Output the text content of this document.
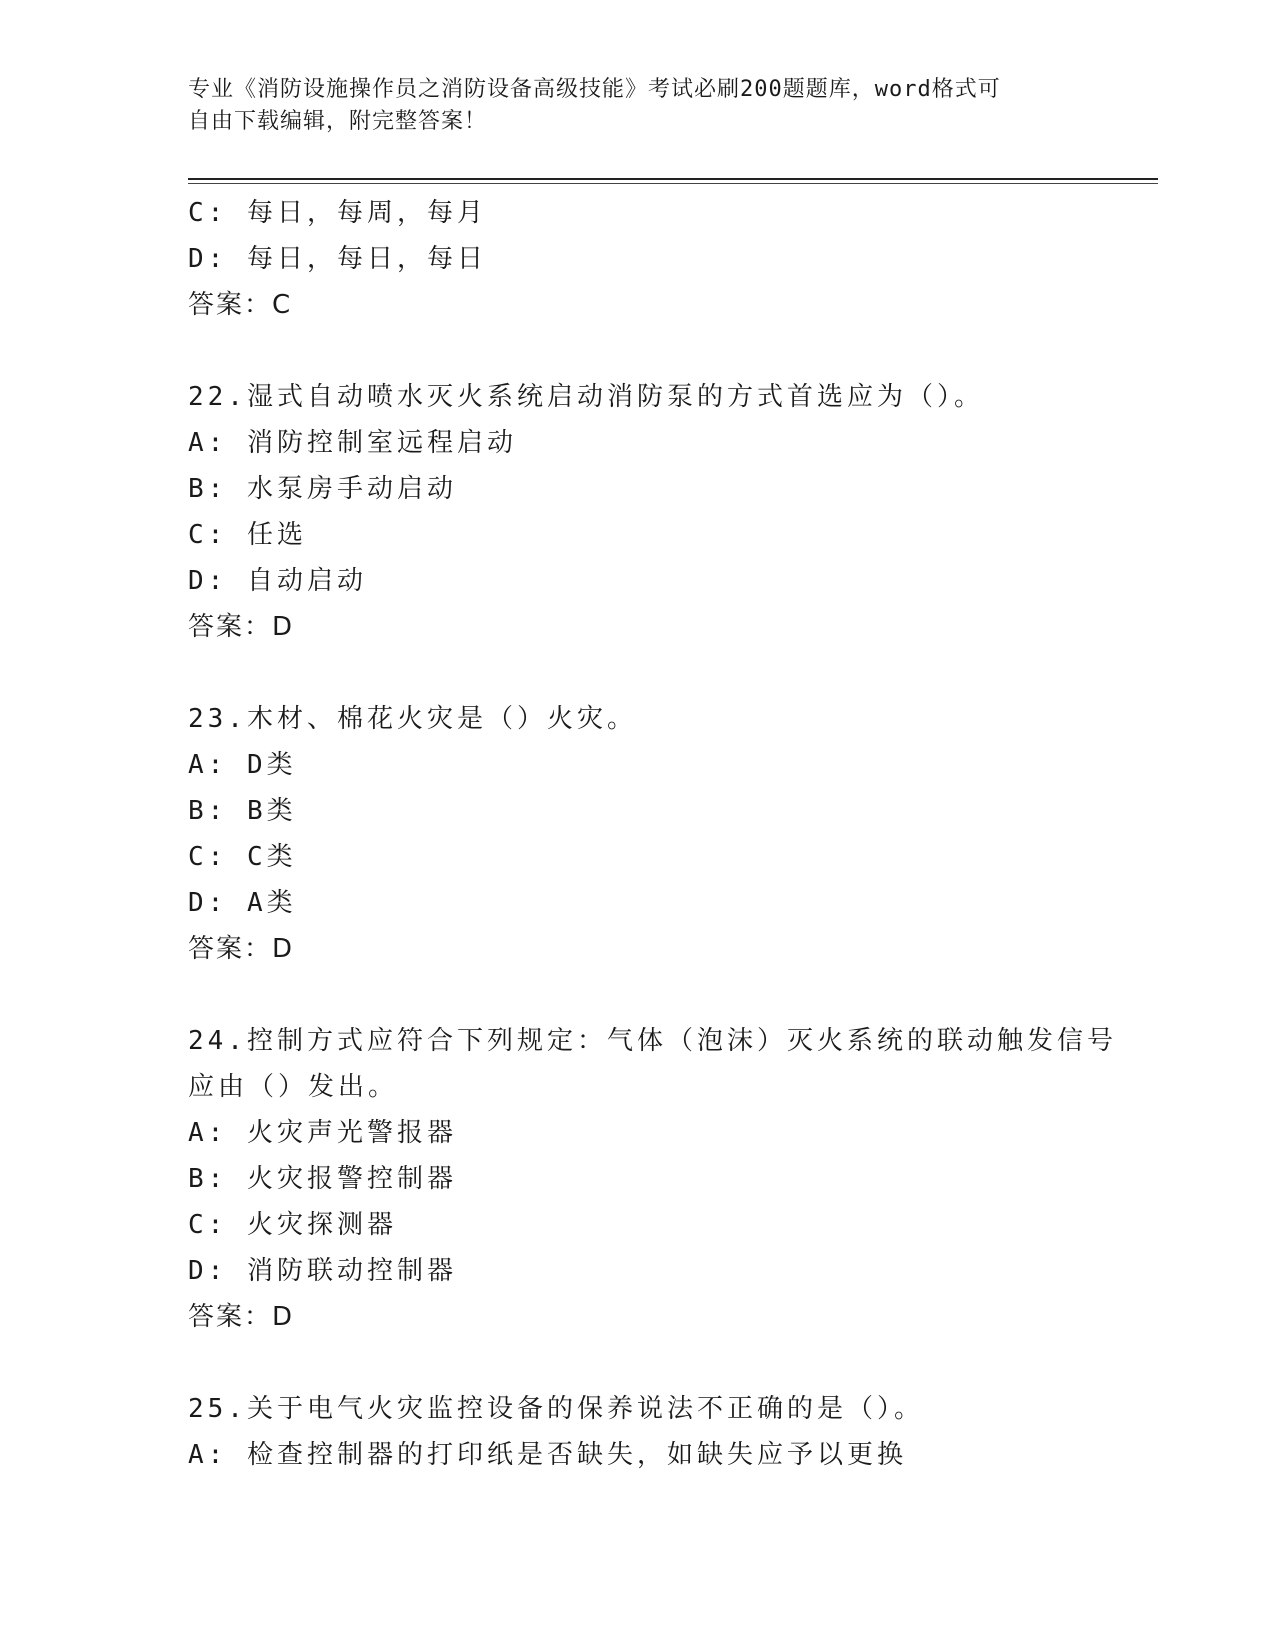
专业《消防设施操作员之消防设备高级技能》考试必刷200题题库，word格式可
自由下载编辑，附完整答案！
C: 每日，每周，每月
D: 每日，每日，每日
答案：C
22.湿式自动喷水灭火系统启动消防泵的方式首选应为（）。
A: 消防控制室远程启动
B: 水泵房手动启动
C: 任选
D: 自动启动
答案：D
23.木材、棉花火灾是（）火灾。
A: D类
B: B类
C: C类
D: A类
答案：D
24.控制方式应符合下列规定：气体（泡沫）灭火系统的联动触发信号
应由（）发出。
A: 火灾声光警报器
B: 火灾报警控制器
C: 火灾探测器
D: 消防联动控制器
答案：D
25.关于电气火灾监控设备的保养说法不正确的是（）。
A: 检查控制器的打印纸是否缺失，如缺失应予以更换
